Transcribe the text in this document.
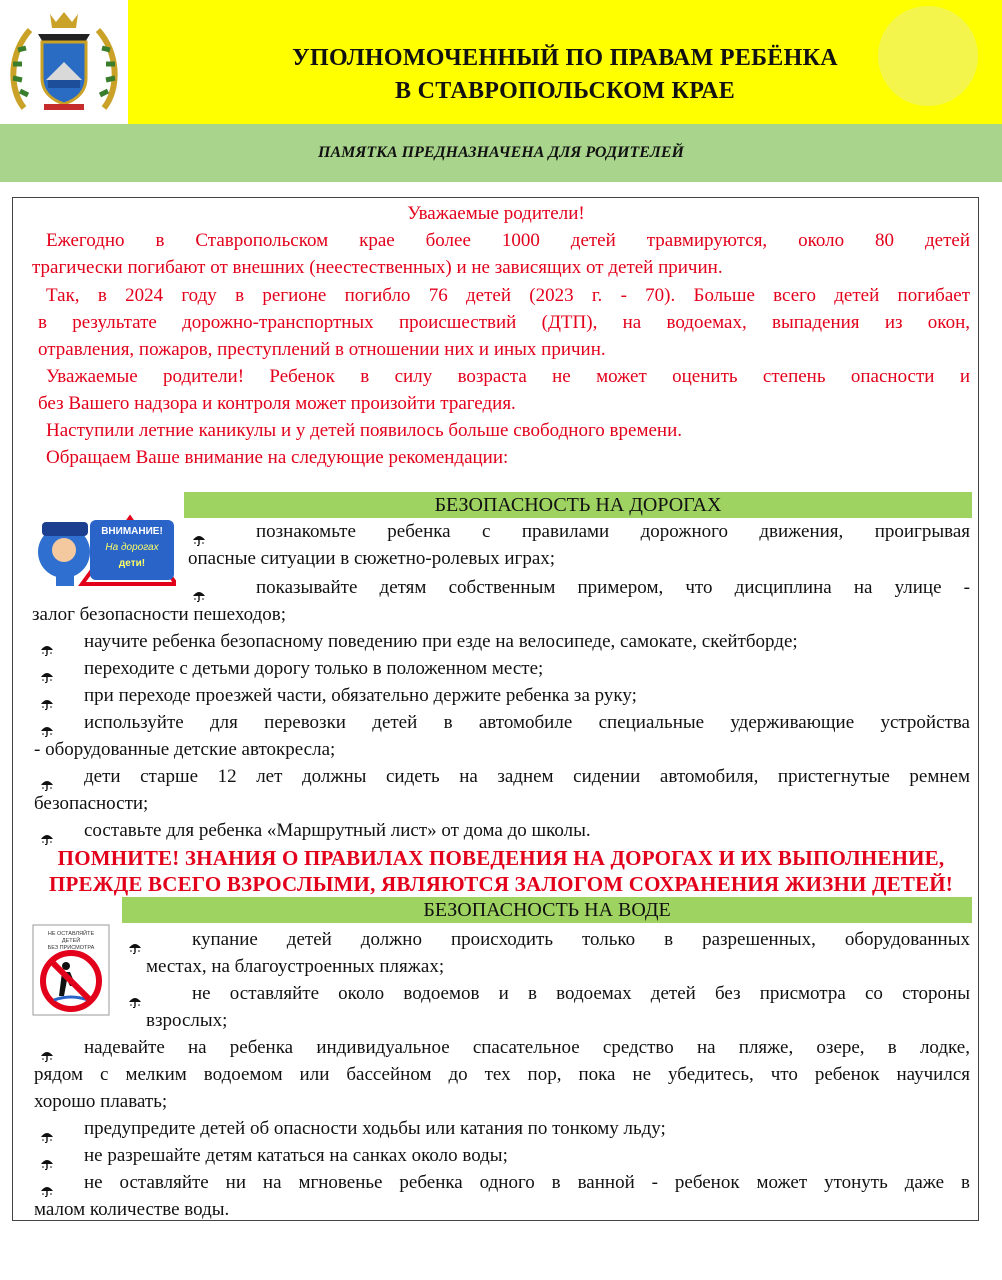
УПОЛНОМОЧЕННЫЙ ПО ПРАВАМ РЕБЁНКА
В СТАВРОПОЛЬСКОМ КРАЕ
ПАМЯТКА ПРЕДНАЗНАЧЕНА ДЛЯ РОДИТЕЛЕЙ
Уважаемые родители!
Ежегодно в Ставропольском крае более 1000 детей травмируются, около 80 детей
трагически погибают от внешних (неестественных) и не зависящих от детей причин.
Так, в 2024 году в регионе погибло 76 детей (2023 г. - 70). Больше всего детей погибает
в результате дорожно-транспортных происшествий (ДТП), на водоемах, выпадения из окон,
отравления, пожаров, преступлений в отношении них и иных причин.
Уважаемые родители! Ребенок в силу возраста не может оценить степень опасности и
без Вашего надзора и контроля может произойти трагедия.
Наступили летние каникулы и у детей появилось больше свободного времени.
Обращаем Ваше внимание на следующие рекомендации:
БЕЗОПАСНОСТЬ НА ДОРОГАХ
ВНИМАНИЕ!
На дорогах
дети!
познакомьте ребенка с правилами дорожного движения, проигрывая
опасные ситуации в сюжетно-ролевых играх;
показывайте детям собственным примером, что дисциплина на улице -
залог безопасности пешеходов;
научите ребенка безопасному поведению при езде на велосипеде, самокате, скейтборде;
переходите с детьми дорогу только в положенном месте;
при переходе проезжей части, обязательно держите ребенка за руку;
используйте для перевозки детей в автомобиле специальные удерживающие устройства
- оборудованные детские автокресла;
дети старше 12 лет должны сидеть на заднем сидении автомобиля, пристегнутые ремнем
безопасности;
составьте для ребенка «Маршрутный лист» от дома до школы.
ПОМНИТЕ! ЗНАНИЯ О ПРАВИЛАХ ПОВЕДЕНИЯ НА ДОРОГАХ И ИХ ВЫПОЛНЕНИЕ,
ПРЕЖДЕ ВСЕГО ВЗРОСЛЫМИ, ЯВЛЯЮТСЯ ЗАЛОГОМ СОХРАНЕНИЯ ЖИЗНИ ДЕТЕЙ!
БЕЗОПАСНОСТЬ НА ВОДЕ
НЕ ОСТАВЛЯЙТЕ
ДЕТЕЙ
БЕЗ ПРИСМОТРА	купание детей должно происходить только в разрешенных, оборудованных
местах, на благоустроенных пляжах;
не оставляйте около водоемов и в водоемах детей без присмотра со стороны
взрослых;
надевайте на ребенка индивидуальное спасательное средство на пляже, озере, в лодке,
рядом с мелким водоемом или бассейном до тех пор, пока не убедитесь, что ребенок научился
хорошо плавать;
предупредите детей об опасности ходьбы или катания по тонкому льду;
не разрешайте детям кататься на санках около воды;
не оставляйте ни на мгновенье ребенка одного в ванной - ребенок может утонуть даже в
малом количестве воды.
